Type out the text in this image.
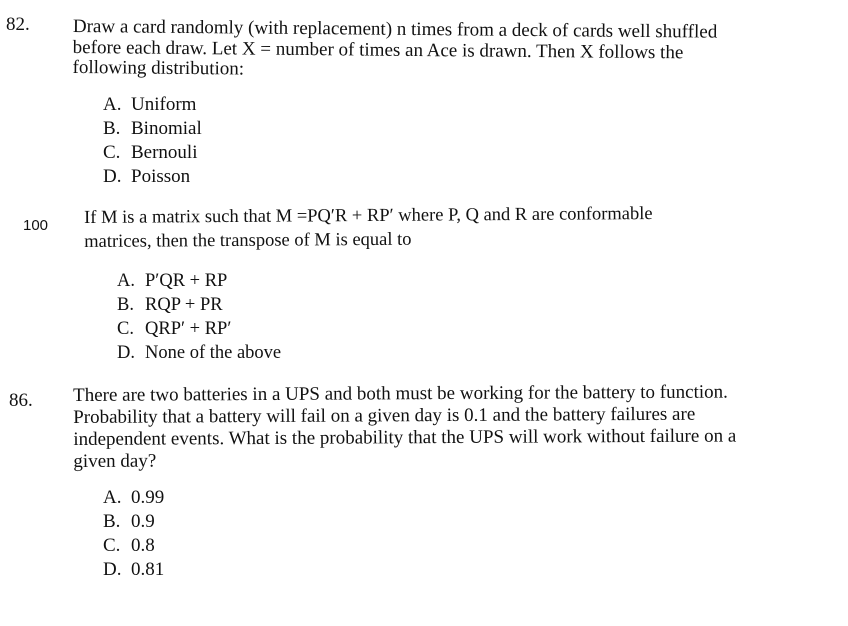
82. Draw a card randomly (with replacement) n times from a deck of cards well shuffled
before each draw. Let X = number of times an Ace is drawn. Then X follows the
following distribution:
A. Uniform
B. Binomial
C. Bernouli
D. Poisson
100 If M is a matrix such that M =PQ′R + RP′ where P, Q and R are conformable
matrices, then the transpose of M is equal to
A. P′QR + RP
B. RQP + PR
C. QRP′ + RP′
D. None of the above
86. There are two batteries in a UPS and both must be working for the battery to function.
Probability that a battery will fail on a given day is 0.1 and the battery failures are
independent events. What is the probability that the UPS will work without failure on a
given day?
A. 0.99
B. 0.9
C. 0.8
D. 0.81
